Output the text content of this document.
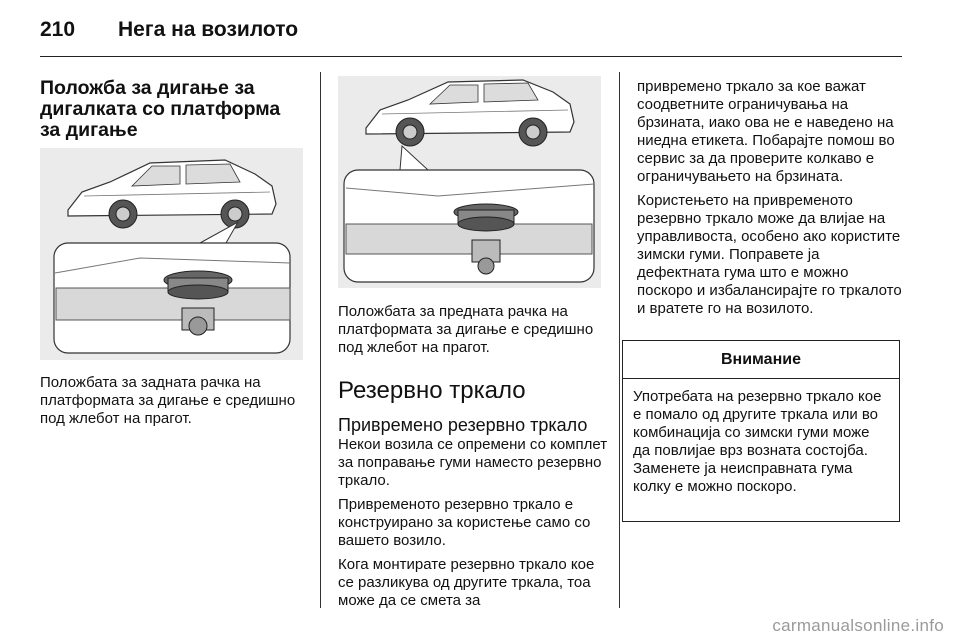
210 Нега на возилото
Положба за дигање за дигалката со платформа за дигање

Положбата за задната рачка на платформата за дигање е средишно под жлебот на прагот.

Положбата за предната рачка на платформата за дигање е средишно под жлебот на прагот.

Резервно тркало
Привремено резервно тркало

Некои возила се опремени со комплет за поправање гуми наместо резервно тркало.

Привременото резервно тркало е конструирано за користење само со вашето возило.

Кога монтирате резервно тркало кое се разликува од другите тркала, тоа може да се смета за

привремено тркало за кое важат соодветните ограничувања на брзината, иако ова не е наведено на ниедна етикета. Побарајте помош во сервис за да проверите колкаво е ограничувањето на брзината.

Користењето на привременото резервно тркало може да влијае на управливоста, особено ако користите зимски гуми. Поправете ја дефектната гума што е можно поскоро и избалансирајте го тркалото и вратете го на возилото.

Внимание
Употребата на резервно тркало кое е помало од другите тркала или во комбинација со зимски гуми може да повлијае врз возната состојба. Заменете ја неисправната гума колку е можно поскоро.
carmanualsonline.info
